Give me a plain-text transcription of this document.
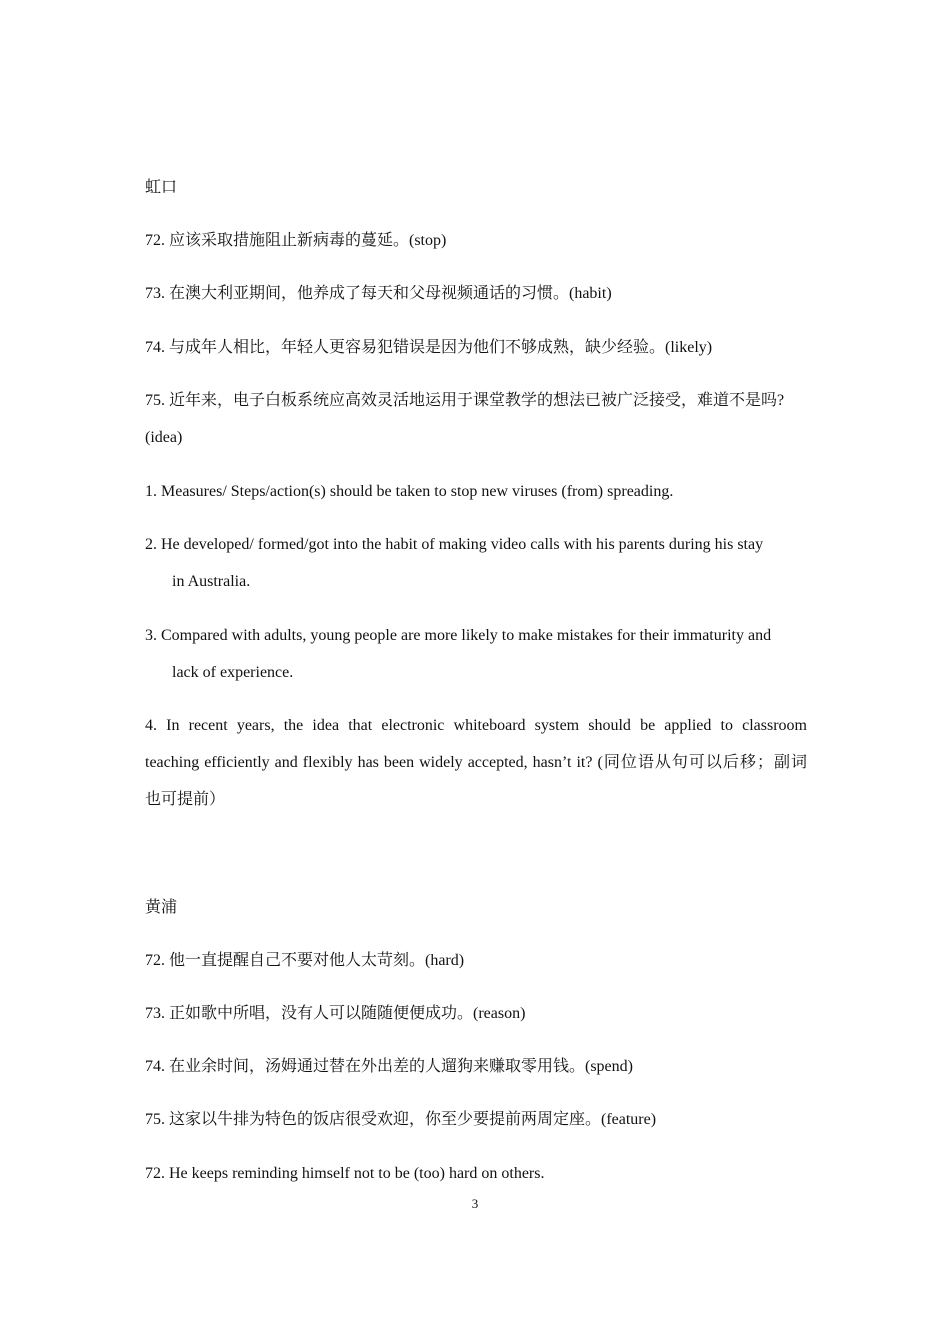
虹口
72. 应该采取措施阻止新病毒的蔓延。(stop)
73. 在澳大利亚期间，他养成了每天和父母视频通话的习惯。(habit)
74. 与成年人相比，年轻人更容易犯错误是因为他们不够成熟，缺少经验。(likely)
75. 近年来，电子白板系统应高效灵活地运用于课堂教学的想法已被广泛接受，难道不是吗?
(idea)
1. Measures/ Steps/action(s) should be taken to stop new viruses (from) spreading.
2. He developed/ formed/got into the habit of making video calls with his parents during his stay
in Australia.
3. Compared with adults, young people are more likely to make mistakes for their immaturity and
lack of experience.
4. In recent years, the idea that electronic whiteboard system should be applied to classroom
teaching efficiently and flexibly has been widely accepted, hasn’t it? (同位语从句可以后移；副词
也可提前）
黄浦
72. 他一直提醒自己不要对他人太苛刻。(hard)
73. 正如歌中所唱，没有人可以随随便便成功。(reason)
74. 在业余时间，汤姆通过替在外出差的人遛狗来赚取零用钱。(spend)
75. 这家以牛排为特色的饭店很受欢迎，你至少要提前两周定座。(feature)
72. He keeps reminding himself not to be (too) hard on others.
3
